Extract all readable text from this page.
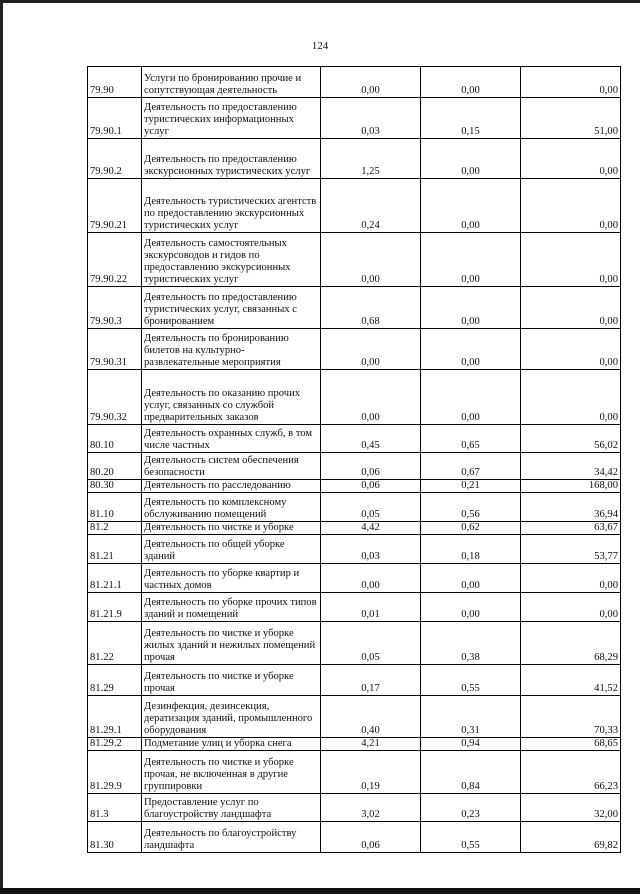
124
79.90	Услуги по бронированию прочие и сопутствующая деятельность	0,00	0,00	0,00
79.90.1	Деятельность по предоставлению туристических информационных услуг	0,03	0,15	51,00
79.90.2	Деятельность по предоставлению экскурсионных туристических услуг	1,25	0,00	0,00
79.90.21	Деятельность туристических агентств по предоставлению экскурсионных туристических услуг	0,24	0,00	0,00
79.90.22	Деятельность самостоятельных экскурсоводов и гидов по предоставлению экскурсионных туристических услуг	0,00	0,00	0,00
79.90.3	Деятельность по предоставлению туристических услуг, связанных с бронированием	0,68	0,00	0,00
79.90.31	Деятельность по бронированию билетов на культурно-развлекательные мероприятия	0,00	0,00	0,00
79.90.32	Деятельность по оказанию прочих услуг, связанных со службой предварительных заказов	0,00	0,00	0,00
80.10	Деятельность охранных служб, в том числе частных	0,45	0,65	56,02
80.20	Деятельность систем обеспечения безопасности	0,06	0,67	34,42
80.30	Деятельность по расследованию	0,06	0,21	168,00
81.10	Деятельность по комплексному обслуживанию помещений	0,05	0,56	36,94
81.2	Деятельность по чистке и уборке	4,42	0,62	63,67
81.21	Деятельность по общей уборке зданий	0,03	0,18	53,77
81.21.1	Деятельность по уборке квартир и частных домов	0,00	0,00	0,00
81.21.9	Деятельность по уборке прочих типов зданий и помещений	0,01	0,00	0,00
81.22	Деятельность по чистке и уборке жилых зданий и нежилых помещений прочая	0,05	0,38	68,29
81.29	Деятельность по чистке и уборке прочая	0,17	0,55	41,52
81.29.1	Дезинфекция, дезинсекция, дератизация зданий, промышленного оборудования	0,40	0,31	70,33
81.29.2	Подметание улиц и уборка снега	4,21	0,94	68,65
81.29.9	Деятельность по чистке и уборке прочая, не включенная в другие группировки	0,19	0,84	66,23
81.3	Предоставление услуг по благоустройству ландшафта	3,02	0,23	32,00
81.30	Деятельность по благоустройству ландшафта	0,06	0,55	69,82
